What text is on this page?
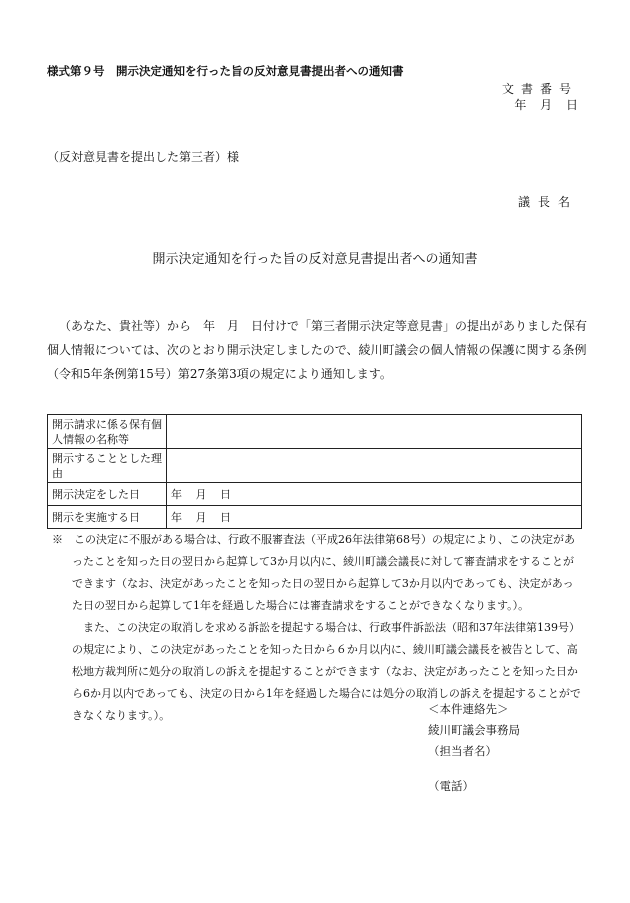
様式第９号　開示決定通知を行った旨の反対意見書提出者への通知書
文書番号
年 月 日
（反対意見書を提出した第三者）様
議長名
開示決定通知を行った旨の反対意見書提出者への通知書

（あなた、貴社等）から　年　月　日付けで「第三者開示決定等意見書」の提出がありました保有個人情報については、次のとおり開示決定しましたので、綾川町議会の個人情報の保護に関する条例（令和5年条例第15号）第27条第3項の規定により通知します。

開示請求に係る保有個人情報の名称等	
開示することとした理由	
開示決定をした日	年 月 日
開示を実施する日	年 月 日

※　この決定に不服がある場合は、行政不服審査法（平成26年法律第68号）の規定により、この決定があったことを知った日の翌日から起算して3か月以内に、綾川町議会議長に対して審査請求をすることができます（なお、決定があったことを知った日の翌日から起算して3か月以内であっても、決定があった日の翌日から起算して1年を経過した場合には審査請求をすることができなくなります。）。

また、この決定の取消しを求める訴訟を提起する場合は、行政事件訴訟法（昭和37年法律第139号）の規定により、この決定があったことを知った日から６か月以内に、綾川町議会議長を被告として、高松地方裁判所に処分の取消しの訴えを提起することができます（なお、決定があったことを知った日から6か月以内であっても、決定の日から1年を経過した場合には処分の取消しの訴えを提起することができなくなります。）。	＜本件連絡先＞
綾川町議会事務局
（担当者名）
（電話）
